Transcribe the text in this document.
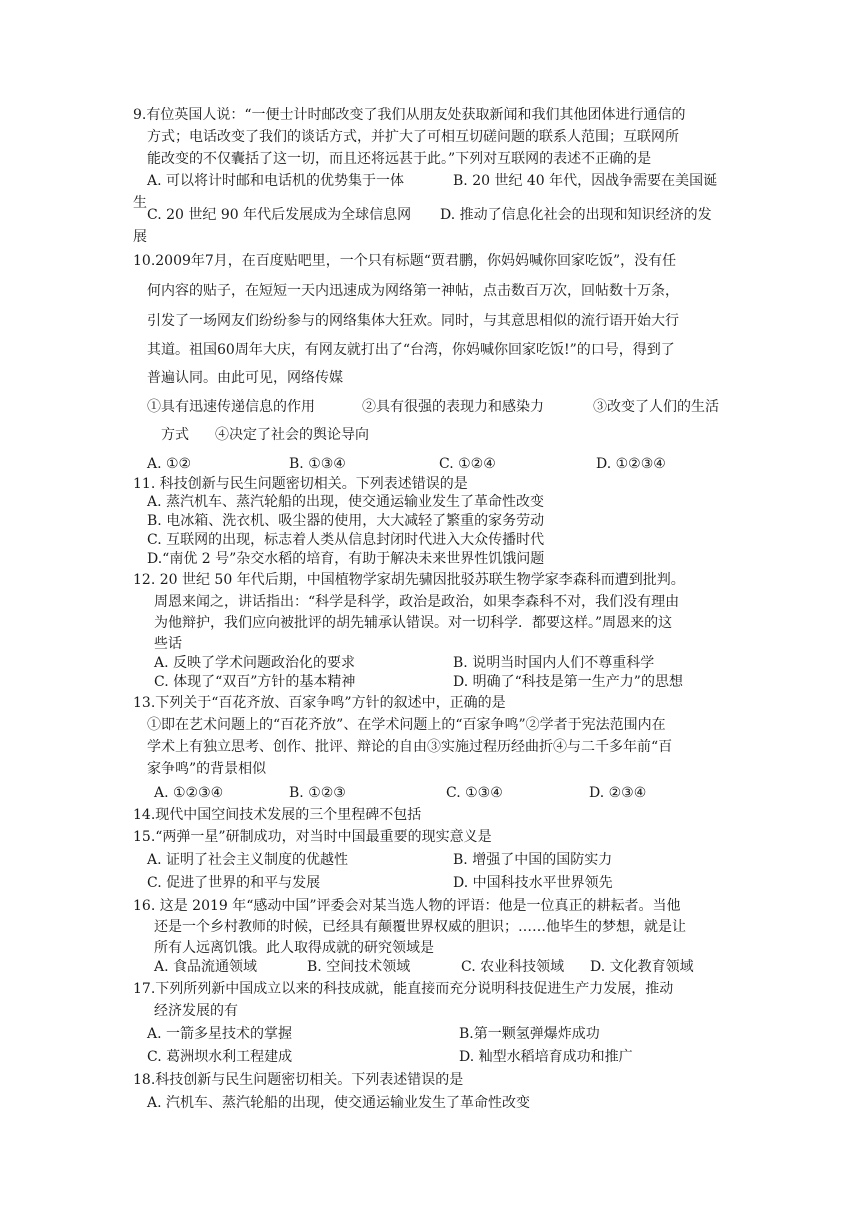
9.有位英国人说：“一便士计时邮改变了我们从朋友处获取新闻和我们其他团体进行通信的
方式；电话改变了我们的谈话方式，并扩大了可相互切磋问题的联系人范围；互联网所
能改变的不仅囊括了这一切，而且还将远甚于此。”下列对互联网的表述不正确的是
A. 可以将计时邮和电话机的优势集于一体	B. 20 世纪 40 年代，因战争需要在美国诞
生
C. 20 世纪 90 年代后发展成为全球信息网 D. 推动了信息化社会的出现和知识经济的发
展
10.2009年7月，在百度贴吧里，一个只有标题“贾君鹏，你妈妈喊你回家吃饭”，没有任
何内容的贴子，在短短一天内迅速成为网络第一神帖，点击数百万次，回帖数十万条，
引发了一场网友们纷纷参与的网络集体大狂欢。同时，与其意思相似的流行语开始大行
其道。祖国60周年大庆，有网友就打出了“台湾，你妈喊你回家吃饭!”的口号，得到了
普遍认同。由此可见，网络传媒
①具有迅速传递信息的作用	②具有很强的表现力和感染力	③改变了人们的生活
方式 ④决定了社会的舆论导向
A. ①②	B. ①③④	C. ①②④	D. ①②③④
11. 科技创新与民生问题密切相关。下列表述错误的是
A. 蒸汽机车、蒸汽轮船的出现，使交通运输业发生了革命性改变
B. 电冰箱、洗衣机、吸尘器的使用，大大减轻了繁重的家务劳动
C. 互联网的出现，标志着人类从信息封闭时代进入大众传播时代
D.“南优 2 号”杂交水稻的培育，有助于解决未来世界性饥饿问题
12. 20 世纪 50 年代后期，中国植物学家胡先骕因批驳苏联生物学家李森科而遭到批判。
周恩来闻之，讲话指出：“科学是科学，政治是政治，如果李森科不对，我们没有理由
为他辩护，我们应向被批评的胡先辅承认错误。对一切科学．都要这样。”周恩来的这
些话
A. 反映了学术问题政治化的要求	B. 说明当时国内人们不尊重科学
C. 体现了“双百”方针的基本精神	D. 明确了“科技是第一生产力”的思想
13.下列关于“百花齐放、百家争鸣”方针的叙述中，正确的是
①即在艺术问题上的“百花齐放”、在学术问题上的“百家争鸣”②学者于宪法范围内在
学术上有独立思考、创作、批评、辩论的自由③实施过程历经曲折④与二千多年前“百
家争鸣”的背景相似
A. ①②③④	B. ①②③	C. ①③④	D. ②③④
14.现代中国空间技术发展的三个里程碑不包括
15.“两弹一星”研制成功，对当时中国最重要的现实意义是
A. 证明了社会主义制度的优越性	B. 增强了中国的国防实力
C. 促进了世界的和平与发展	D. 中国科技水平世界领先
16. 这是 2019 年“感动中国”评委会对某当选人物的评语：他是一位真正的耕耘者。当他
还是一个乡村教师的时候，已经具有颠覆世界权威的胆识；……他毕生的梦想，就是让
所有人远离饥饿。此人取得成就的研究领域是
A. 食品流通领域	B. 空间技术领域	C. 农业科技领域 D. 文化教育领域
17.下列所列新中国成立以来的科技成就，能直接而充分说明科技促进生产力发展，推动
经济发展的有
A. 一箭多星技术的掌握	B.第一颗氢弹爆炸成功
C. 葛洲坝水利工程建成	D. 籼型水稻培育成功和推广
18.科技创新与民生问题密切相关。下列表述错误的是
A. 汽机车、蒸汽轮船的出现，使交通运输业发生了革命性改变
